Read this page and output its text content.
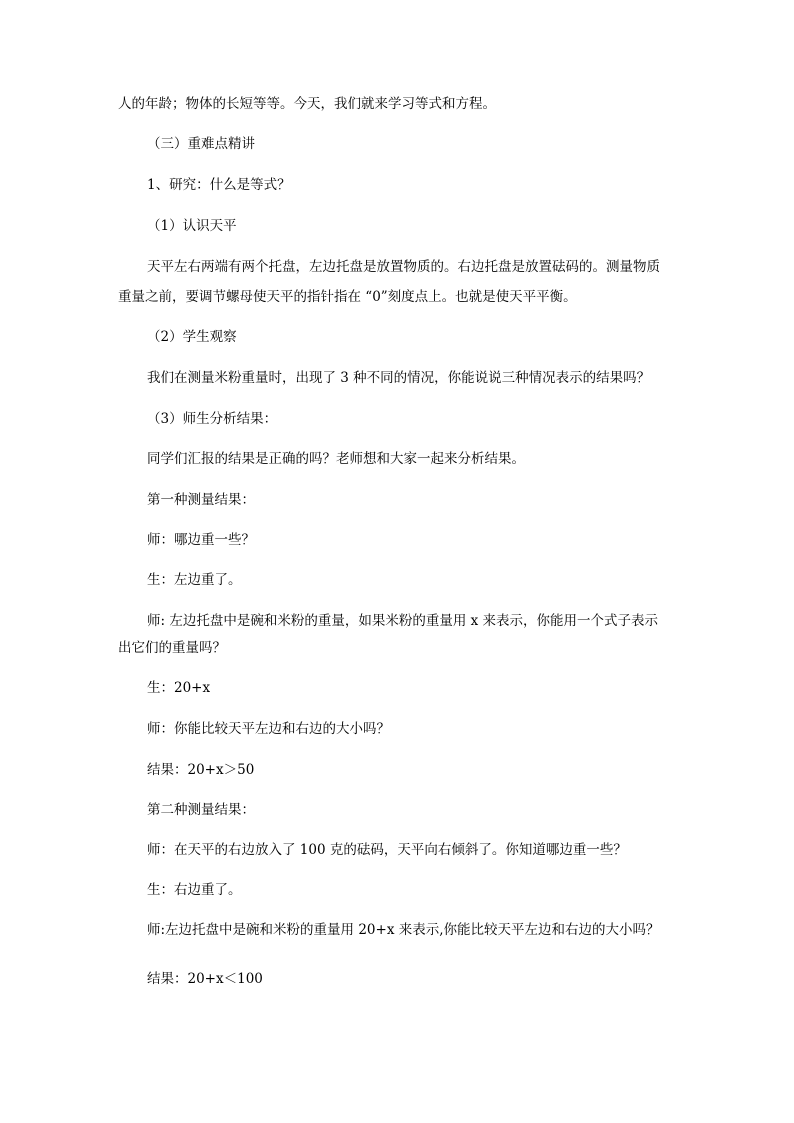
人的年龄；物体的长短等等。今天，我们就来学习等式和方程。
（三）重难点精讲
1、研究：什么是等式？
（1）认识天平
天平左右两端有两个托盘，左边托盘是放置物质的。右边托盘是放置砝码的。测量物质
重量之前，要调节螺母使天平的指针指在 “0”刻度点上。也就是使天平平衡。
（2）学生观察
我们在测量米粉重量时，出现了 3 种不同的情况，你能说说三种情况表示的结果吗？
（3）师生分析结果：
同学们汇报的结果是正确的吗？老师想和大家一起来分析结果。
第一种测量结果：
师：哪边重一些？
生：左边重了。
师: 左边托盘中是碗和米粉的重量，如果米粉的重量用 x 来表示，你能用一个式子表示
出它们的重量吗？
生：20+x
师：你能比较天平左边和右边的大小吗？
结果：20+x＞50
第二种测量结果：
师：在天平的右边放入了 100 克的砝码，天平向右倾斜了。你知道哪边重一些？
生：右边重了。
师:左边托盘中是碗和米粉的重量用 20+x 来表示,你能比较天平左边和右边的大小吗？
结果：20+x＜100
